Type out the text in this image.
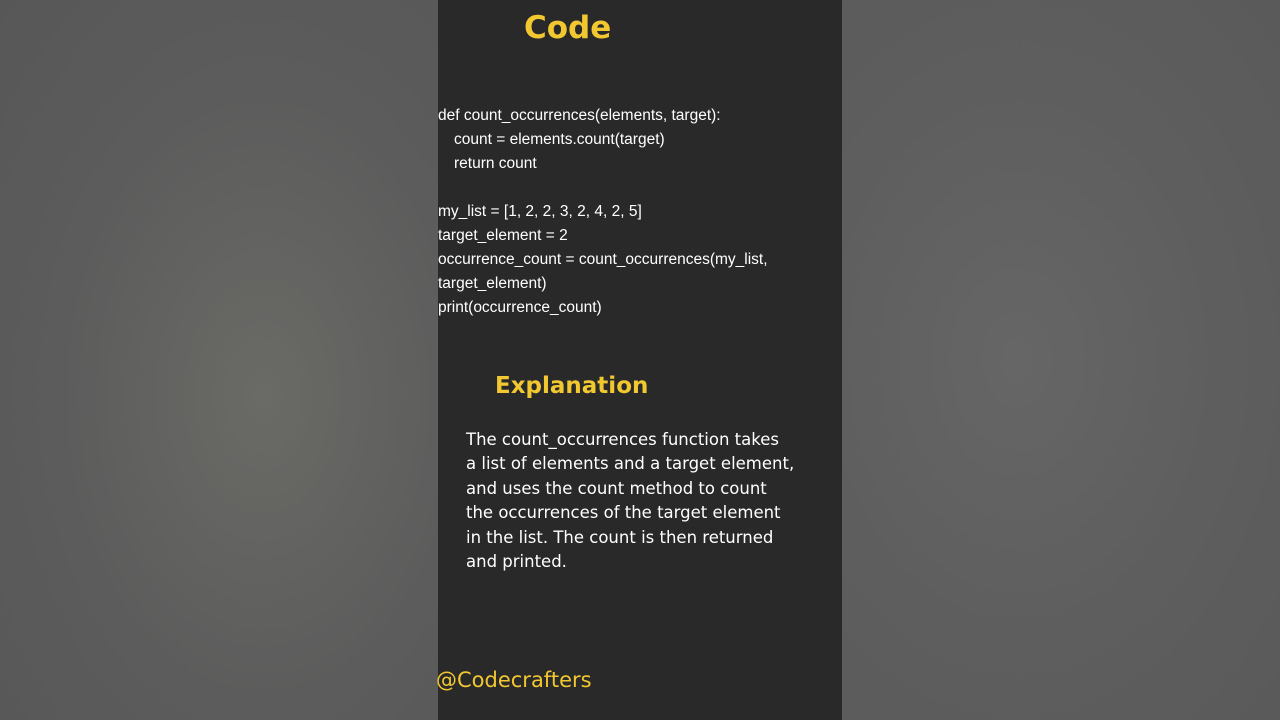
Code
def count_occurrences(elements, target):
count = elements.count(target)
return count
my_list = [1, 2, 2, 3, 2, 4, 2, 5]
target_element = 2
occurrence_count = count_occurrences(my_list,
target_element)
print(occurrence_count)
Explanation
The count_occurrences function takes
a list of elements and a target element,
and uses the count method to count
the occurrences of the target element
in the list. The count is then returned
and printed.
@Codecrafters
